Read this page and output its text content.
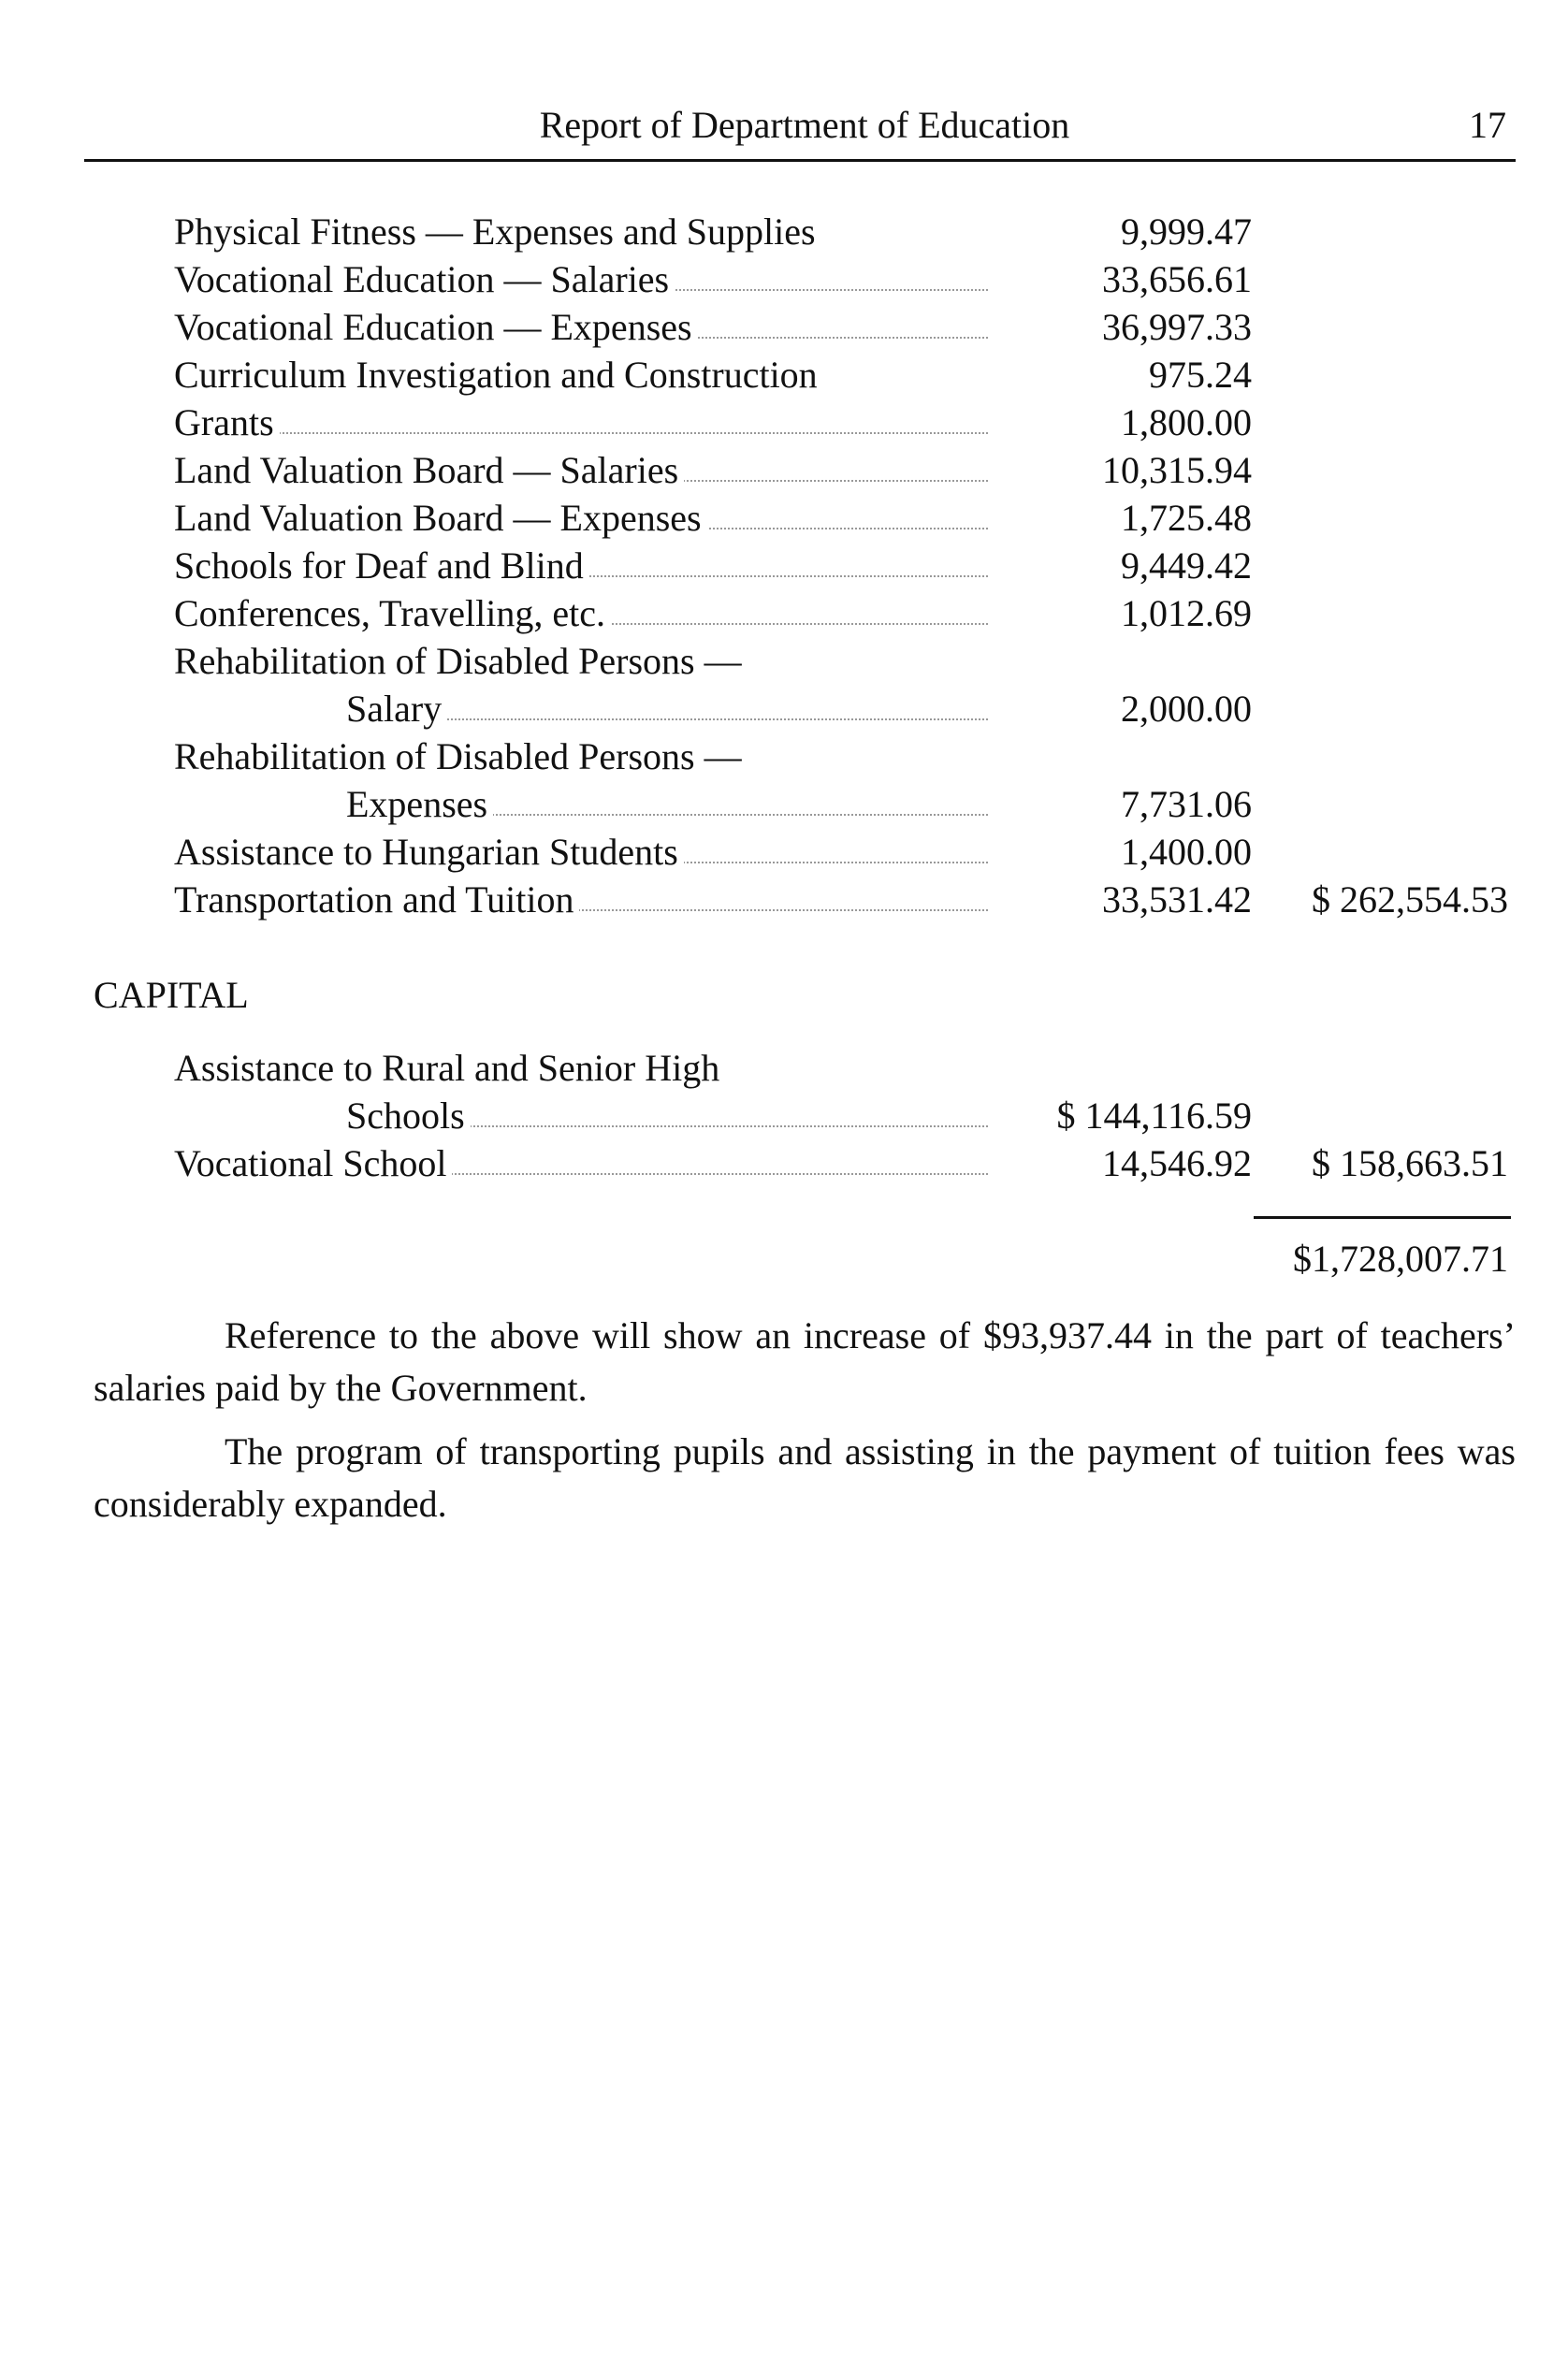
Report of Department of Education	17
Physical Fitness — Expenses and Supplies	9,999.47
Vocational Education — Salaries	33,656.61
Vocational Education — Expenses	36,997.33
Curriculum Investigation and Construction	975.24
Grants	1,800.00
Land Valuation Board — Salaries	10,315.94
Land Valuation Board — Expenses	1,725.48
Schools for Deaf and Blind	9,449.42
Conferences, Travelling, etc.	1,012.69
Rehabilitation of Disabled Persons —
Salary	2,000.00
Rehabilitation of Disabled Persons —
Expenses	7,731.06
Assistance to Hungarian Students	1,400.00
Transportation and Tuition	33,531.42 $ 262,554.53
CAPITAL
Assistance to Rural and Senior High
Schools	$ 144,116.59
Vocational School	14,546.92 $ 158,663.51
$1,728,007.71

Reference to the above will show an increase of $93,937.44 in the part of teachers’ salaries paid by the Government.

The program of transporting pupils and assisting in the payment of tuition fees was considerably expanded.
